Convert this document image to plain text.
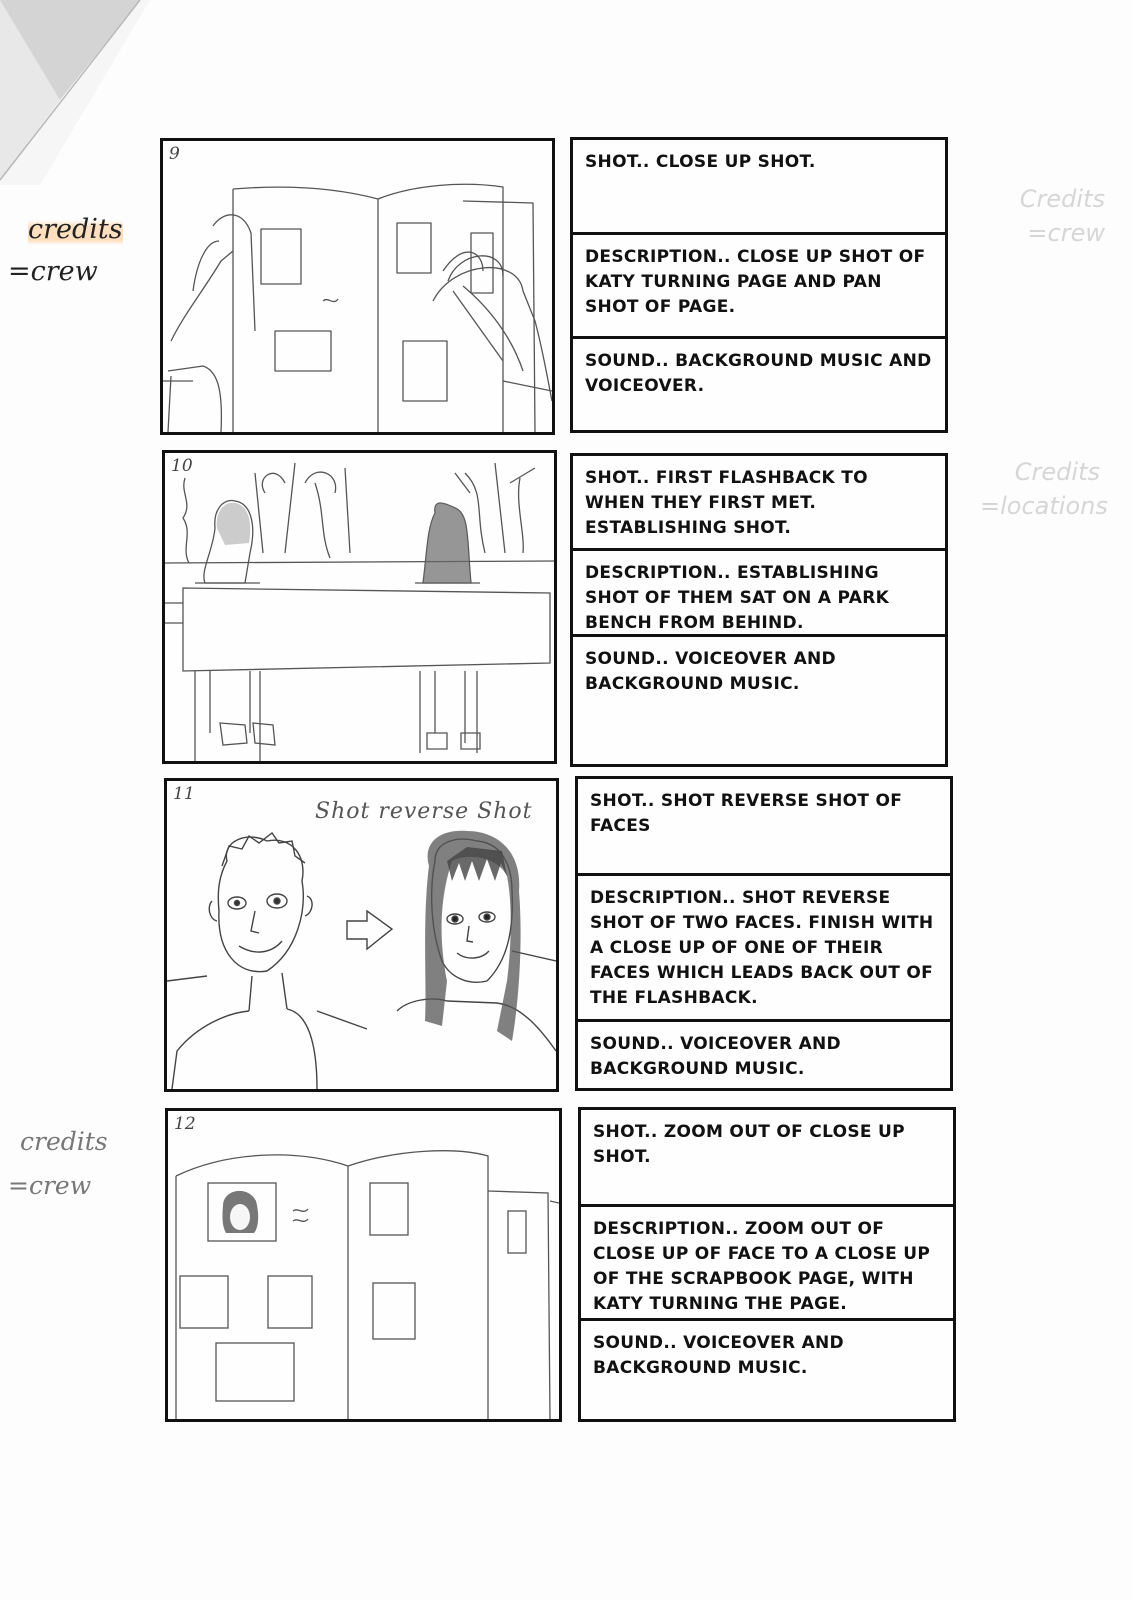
credits
=crew
credits
=crew
9	SHOT.. CLOSE UP SHOT.
DESCRIPTION.. CLOSE UP SHOT OF KATY TURNING PAGE AND PAN SHOT OF PAGE.
SOUND.. BACKGROUND MUSIC AND VOICEOVER.
Credits
=crew
10
SHOT.. FIRST FLASHBACK TO WHEN THEY FIRST MET. ESTABLISHING SHOT.
DESCRIPTION.. ESTABLISHING SHOT OF THEM SAT ON A PARK BENCH FROM BEHIND.
SOUND.. VOICEOVER AND BACKGROUND MUSIC.
Credits
=locations
11
Shot reverse Shot	SHOT.. SHOT REVERSE SHOT OF FACES
DESCRIPTION.. SHOT REVERSE SHOT OF TWO FACES. FINISH WITH A CLOSE UP OF ONE OF THEIR FACES WHICH LEADS BACK OUT OF THE FLASHBACK.
SOUND.. VOICEOVER AND BACKGROUND MUSIC.
12	SHOT.. ZOOM OUT OF CLOSE UP SHOT.
DESCRIPTION.. ZOOM OUT OF CLOSE UP OF FACE TO A CLOSE UP OF THE SCRAPBOOK PAGE, WITH KATY TURNING THE PAGE.
SOUND.. VOICEOVER AND BACKGROUND MUSIC.
